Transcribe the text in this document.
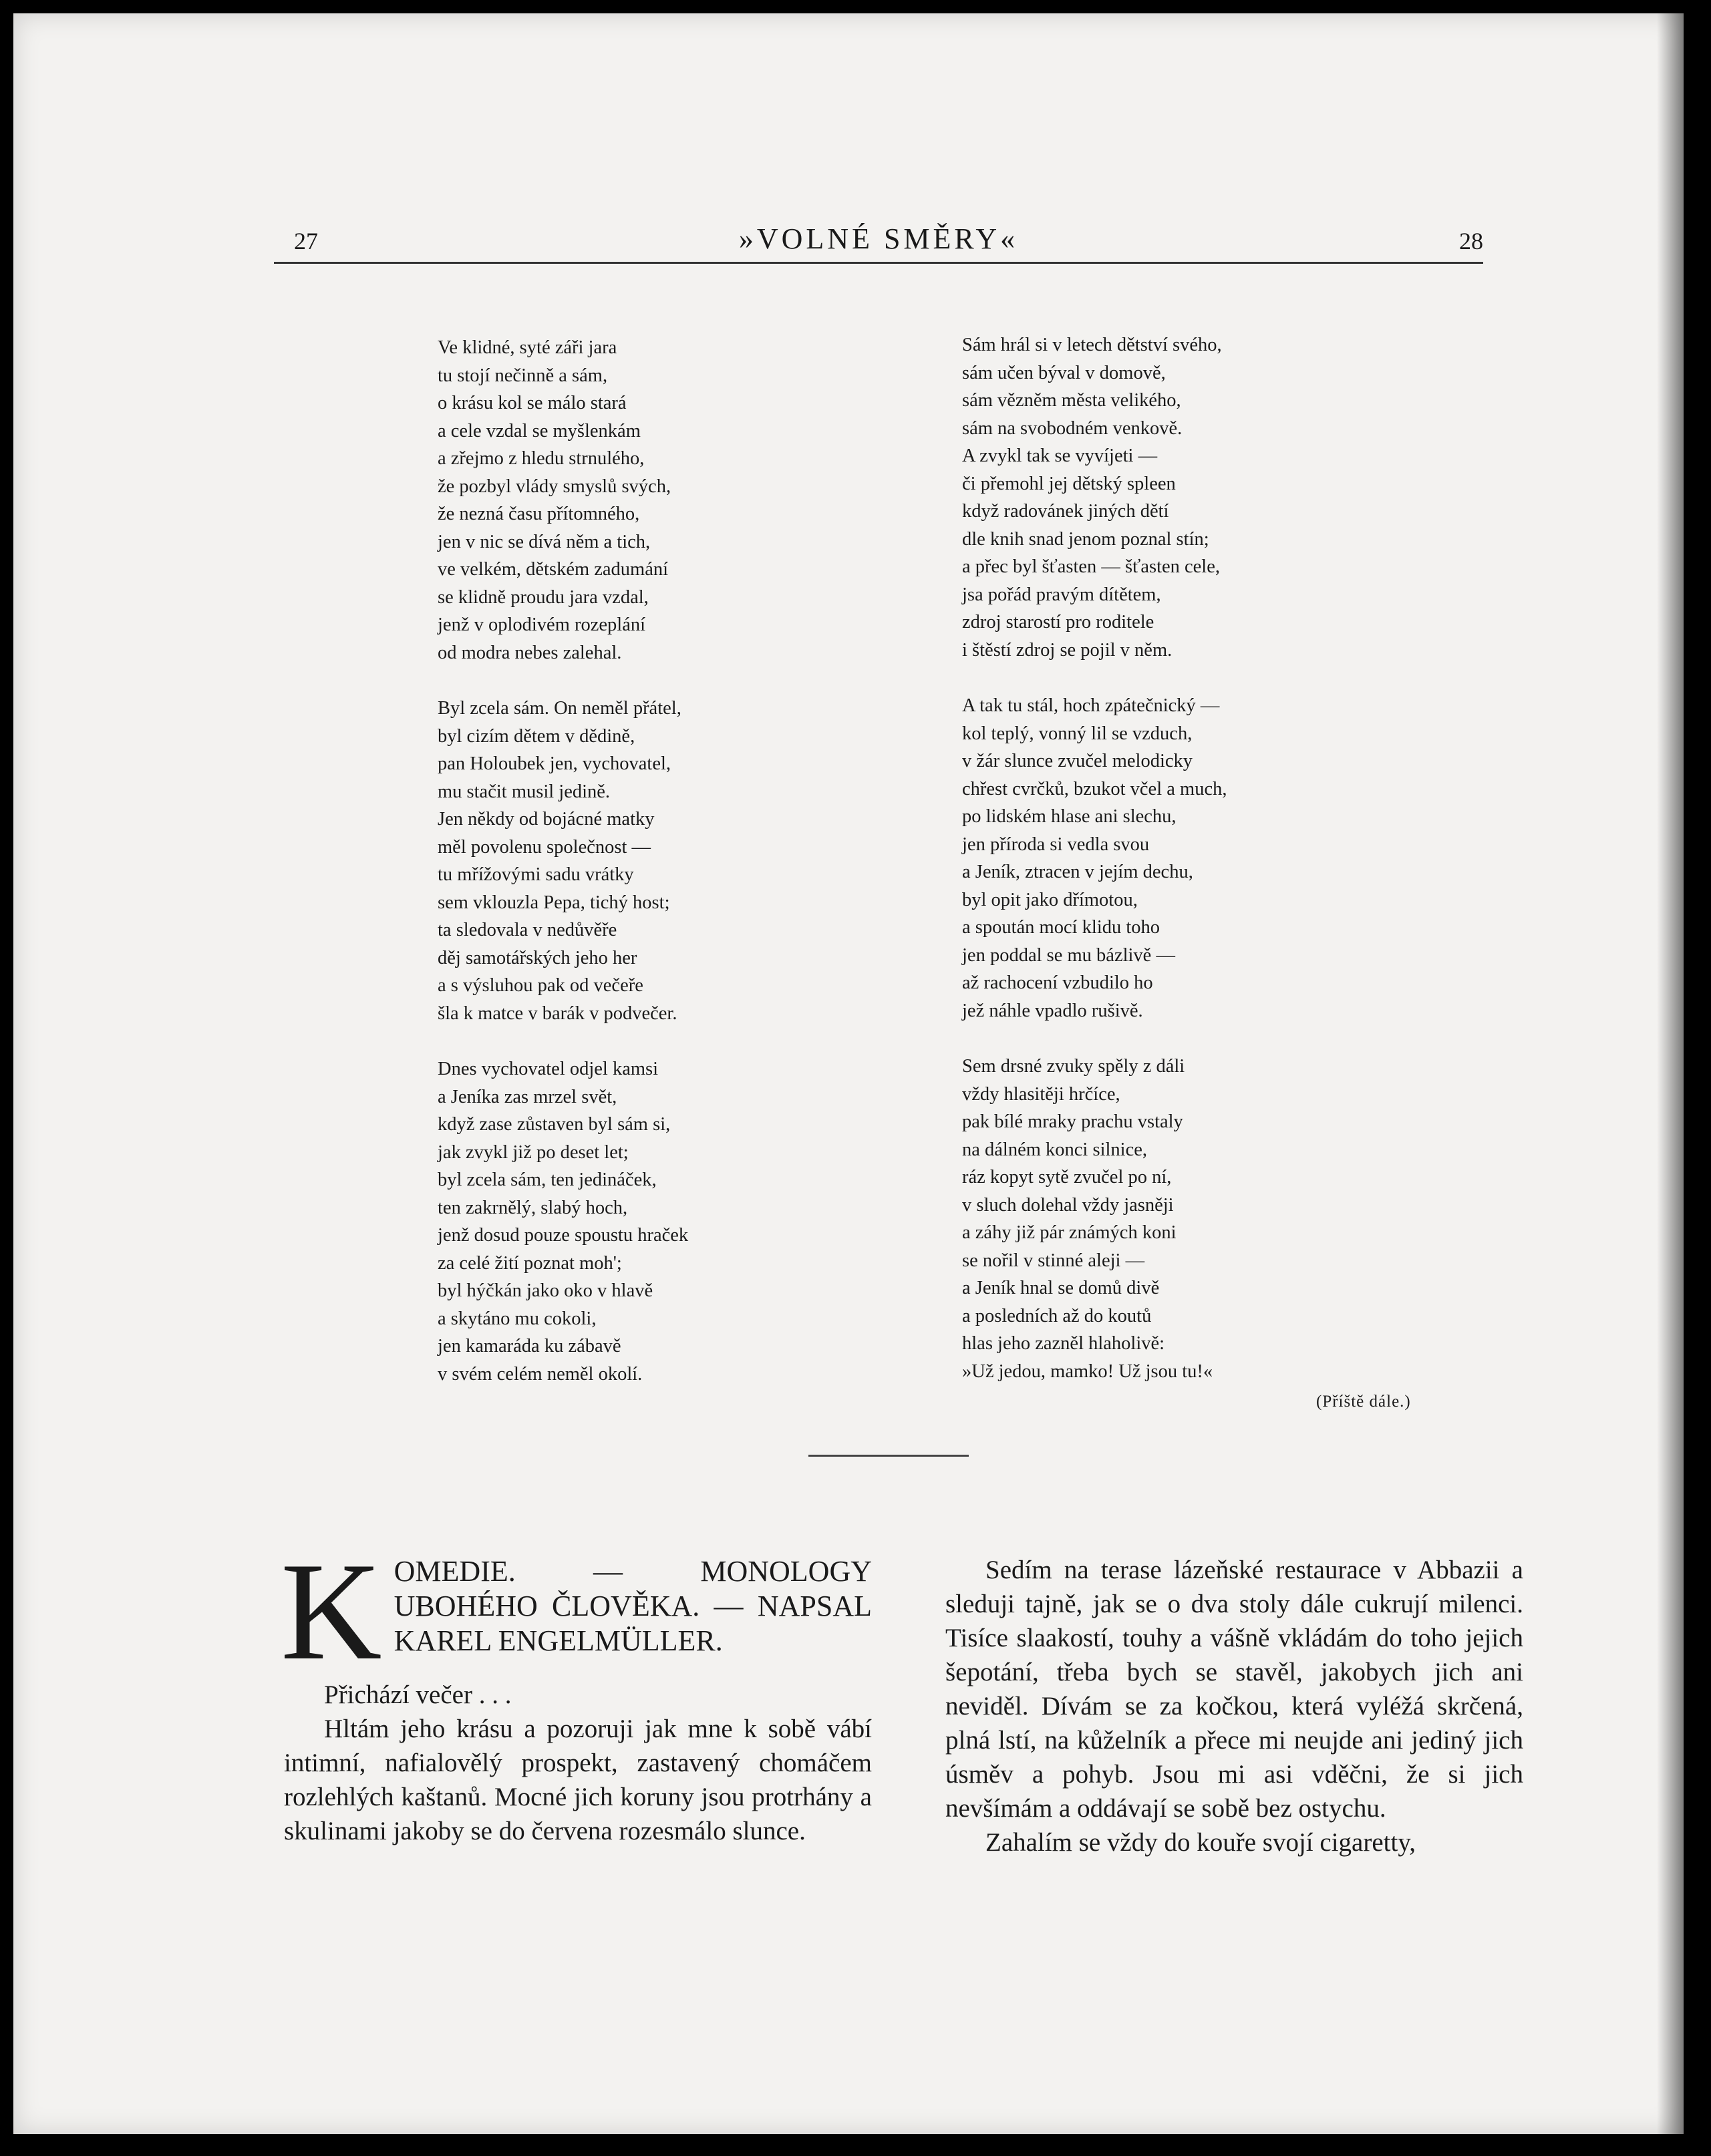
27	»VOLNÉ SMĚRY«	28
Ve klidné, syté záři jara
tu stojí nečinně a sám,
o krásu kol se málo stará
a cele vzdal se myšlenkám
a zřejmo z hledu strnulého,
že pozbyl vlády smyslů svých,
že nezná času přítomného,
jen v nic se dívá něm a tich,
ve velkém, dětském zadumání
se klidně proudu jara vzdal,
jenž v oplodivém rozeplání
od modra nebes zalehal.
Byl zcela sám. On neměl přátel,
byl cizím dětem v dědině,
pan Holoubek jen, vychovatel,
mu stačit musil jedině.
Jen někdy od bojácné matky
měl povolenu společnost —
tu mřížovými sadu vrátky
sem vklouzla Pepa, tichý host;
ta sledovala v nedůvěře
děj samotářských jeho her
a s výsluhou pak od večeře
šla k matce v barák v podvečer.
Dnes vychovatel odjel kamsi
a Jeníka zas mrzel svět,
když zase zůstaven byl sám si,
jak zvykl již po deset let;
byl zcela sám, ten jedináček,
ten zakrnělý, slabý hoch,
jenž dosud pouze spoustu hraček
za celé žití poznat moh';
byl hýčkán jako oko v hlavě
a skytáno mu cokoli,
jen kamaráda ku zábavě
v svém celém neměl okolí.
Sám hrál si v letech dětství svého,
sám učen býval v domově,
sám vězněm města velikého,
sám na svobodném venkově.
A zvykl tak se vyvíjeti —
či přemohl jej dětský spleen
když radovánek jiných dětí
dle knih snad jenom poznal stín;
a přec byl šťasten — šťasten cele,
jsa pořád pravým dítětem,
zdroj starostí pro roditele
i štěstí zdroj se pojil v něm.
A tak tu stál, hoch zpátečnický —
kol teplý, vonný lil se vzduch,
v žár slunce zvučel melodicky
chřest cvrčků, bzukot včel a much,
po lidském hlase ani slechu,
jen příroda si vedla svou
a Jeník, ztracen v jejím dechu,
byl opit jako dřímotou,
a spoután mocí klidu toho
jen poddal se mu bázlivě —
až rachocení vzbudilo ho
jež náhle vpadlo rušivě.
Sem drsné zvuky spěly z dáli
vždy hlasitěji hrčíce,
pak bílé mraky prachu vstaly
na dálném konci silnice,
ráz kopyt sytě zvučel po ní,
v sluch dolehal vždy jasněji
a záhy již pár známých koni
se nořil v stinné aleji —
a Jeník hnal se domů divě
a posledních až do koutů
hlas jeho zazněl hlaholivě:
»Už jedou, mamko! Už jsou tu!«
(Příště dále.)
K OMEDIE. — MONOLOGY UBOHÉHO ČLOVĚKA. — NAPSAL KAREL ENGELMÜLLER.

Přichází večer . . .

Hltám jeho krásu a pozoruji jak mne k sobě vábí intimní, nafialovělý prospekt, zastavený chomáčem rozlehlých kaštanů. Mocné jich koruny jsou protrhány a skulinami jakoby se do červena rozesmálo slunce.

Sedím na terase lázeňské restaurace v Abbazii a sleduji tajně, jak se o dva stoly dále cukrují milenci. Tisíce slaakostí, touhy a vášně vkládám do toho jejich šepotání, třeba bych se stavěl, jakobych jich ani neviděl. Dívám se za kočkou, která vyléžá skrčená, plná lstí, na kůželník a přece mi neujde ani jediný jich úsměv a pohyb. Jsou mi asi vděčni, že si jich nevšímám a oddávají se sobě bez ostychu.

Zahalím se vždy do kouře svojí cigaretty,
